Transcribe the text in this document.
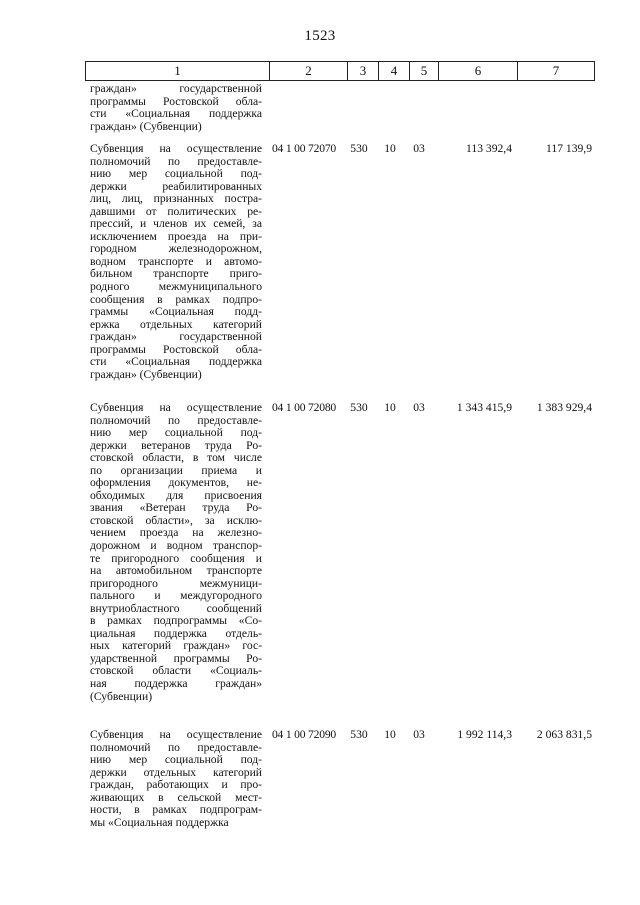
1523
1	2	3	4	5	6	7
граждан»      государственной
программы Ростовской обла-
сти «Социальная поддержка
граждан» (Субвенции)
Субвенция на осуществление
полномочий по предоставле-
нию мер социальной под-
держки     реабилитированных
лиц, лиц, признанных постра-
давшими от политических ре-
прессий, и членов их семей, за
исключением проезда на при-
городном   железнодорожном,
водном транспорте и автомо-
бильном   транспорте   приго-
родного межмуниципального
сообщения в рамках подпро-
граммы   «Социальная   подд-
ержка отдельных категорий
граждан»      государственной
программы Ростовской обла-
сти «Социальная поддержка
граждан» (Субвенции)
04 1 00 72070	530	10	03	113 392,4	117 139,9
Субвенция на осуществление
полномочий по предоставле-
нию мер социальной под-
держки ветеранов труда Ро-
стовской области, в том числе
по   организации   приема   и
оформления документов, не-
обходимых  для  присвоения
звания «Ветеран труда Ро-
стовской области», за исклю-
чением проезда на железно-
дорожном и водном транспор-
те пригородного сообщения и
на автомобильном транспорте
пригородного      межмуници-
пального и междугородного
внутриобластного сообщений
в рамках подпрограммы «Со-
циальная поддержка отдель-
ных категорий граждан» гос-
ударственной программы Ро-
стовской области «Социаль-
ная   поддержка   граждан»
(Субвенции)
04 1 00 72080	530	10	03	1 343 415,9	1 383 929,4
Субвенция на осуществление
полномочий по предоставле-
нию мер социальной под-
держки отдельных категорий
граждан, работающих и про-
живающих в сельской мест-
ности, в рамках подпрограм-
мы «Социальная поддержка
04 1 00 72090	530	10	03	1 992 114,3	2 063 831,5
